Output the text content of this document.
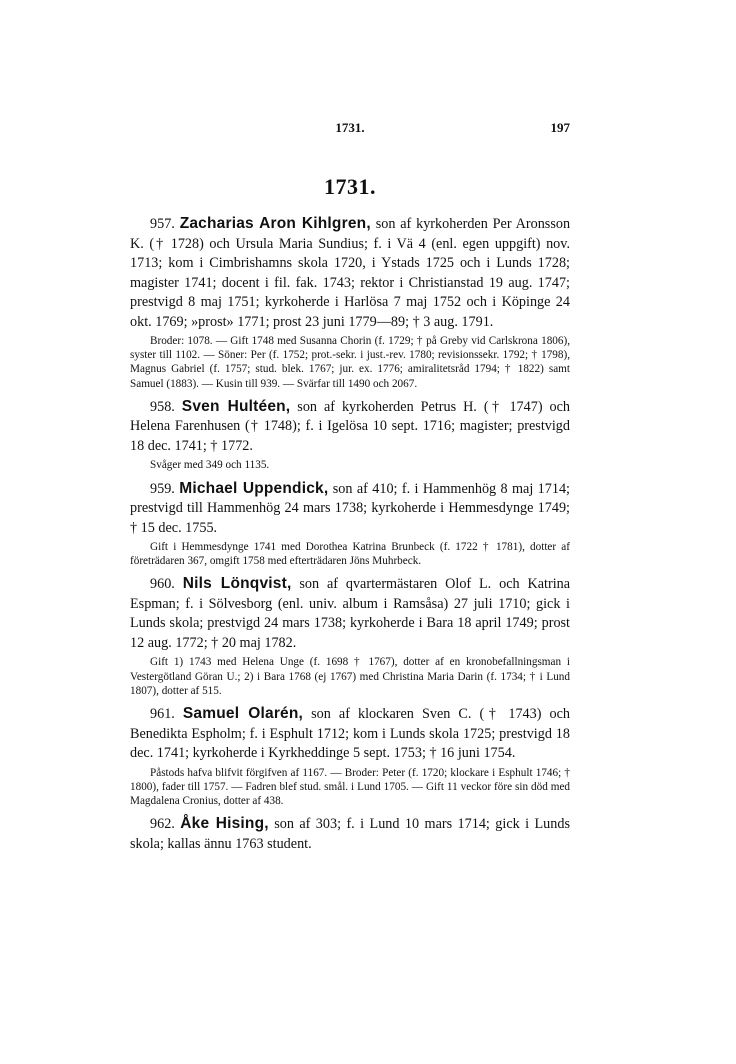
1731.	197
1731.

957. Zacharias Aron Kihlgren, son af kyrkoherden Per Aronsson K. († 1728) och Ursula Maria Sundius; f. i Vä 4 (enl. egen uppgift) nov. 1713; kom i Cimbrishamns skola 1720, i Ystads 1725 och i Lunds 1728; magister 1741; docent i fil. fak. 1743; rektor i Christianstad 19 aug. 1747; prestvigd 8 maj 1751; kyrkoherde i Harlösa 7 maj 1752 och i Köpinge 24 okt. 1769; »prost» 1771; prost 23 juni 1779—89; † 3 aug. 1791.

Broder: 1078. — Gift 1748 med Susanna Chorin (f. 1729; † på Greby vid Carlskrona 1806), syster till 1102. — Söner: Per (f. 1752; prot.-sekr. i just.-rev. 1780; revisionssekr. 1792; † 1798), Magnus Gabriel (f. 1757; stud. blek. 1767; jur. ex. 1776; amiralitetsråd 1794; † 1822) samt Samuel (1883). — Kusin till 939. — Svärfar till 1490 och 2067.

958. Sven Hultéen, son af kyrkoherden Petrus H. († 1747) och Helena Farenhusen († 1748); f. i Igelösa 10 sept. 1716; magister; prestvigd 18 dec. 1741; † 1772.

Svåger med 349 och 1135.

959. Michael Uppendick, son af 410; f. i Hammenhög 8 maj 1714; prestvigd till Hammenhög 24 mars 1738; kyrkoherde i Hemmesdynge 1749; † 15 dec. 1755.

Gift i Hemmesdynge 1741 med Dorothea Katrina Brunbeck (f. 1722 † 1781), dotter af företrädaren 367, omgift 1758 med efterträdaren Jöns Muhrbeck.

960. Nils Lönqvist, son af qvartermästaren Olof L. och Katrina Espman; f. i Sölvesborg (enl. univ. album i Ramsåsa) 27 juli 1710; gick i Lunds skola; prestvigd 24 mars 1738; kyrkoherde i Bara 18 april 1749; prost 12 aug. 1772; † 20 maj 1782.

Gift 1) 1743 med Helena Unge (f. 1698 † 1767), dotter af en kronobefallningsman i Vestergötland Göran U.; 2) i Bara 1768 (ej 1767) med Christina Maria Darin (f. 1734; † i Lund 1807), dotter af 515.

961. Samuel Olarén, son af klockaren Sven C. († 1743) och Benedikta Espholm; f. i Esphult 1712; kom i Lunds skola 1725; prestvigd 18 dec. 1741; kyrkoherde i Kyrkheddinge 5 sept. 1753; † 16 juni 1754.

Påstods hafva blifvit förgifven af 1167. — Broder: Peter (f. 1720; klockare i Esphult 1746; † 1800), fader till 1757. — Fadren blef stud. smål. i Lund 1705. — Gift 11 veckor före sin död med Magdalena Cronius, dotter af 438.

962. Åke Hising, son af 303; f. i Lund 10 mars 1714; gick i Lunds skola; kallas ännu 1763 student.
